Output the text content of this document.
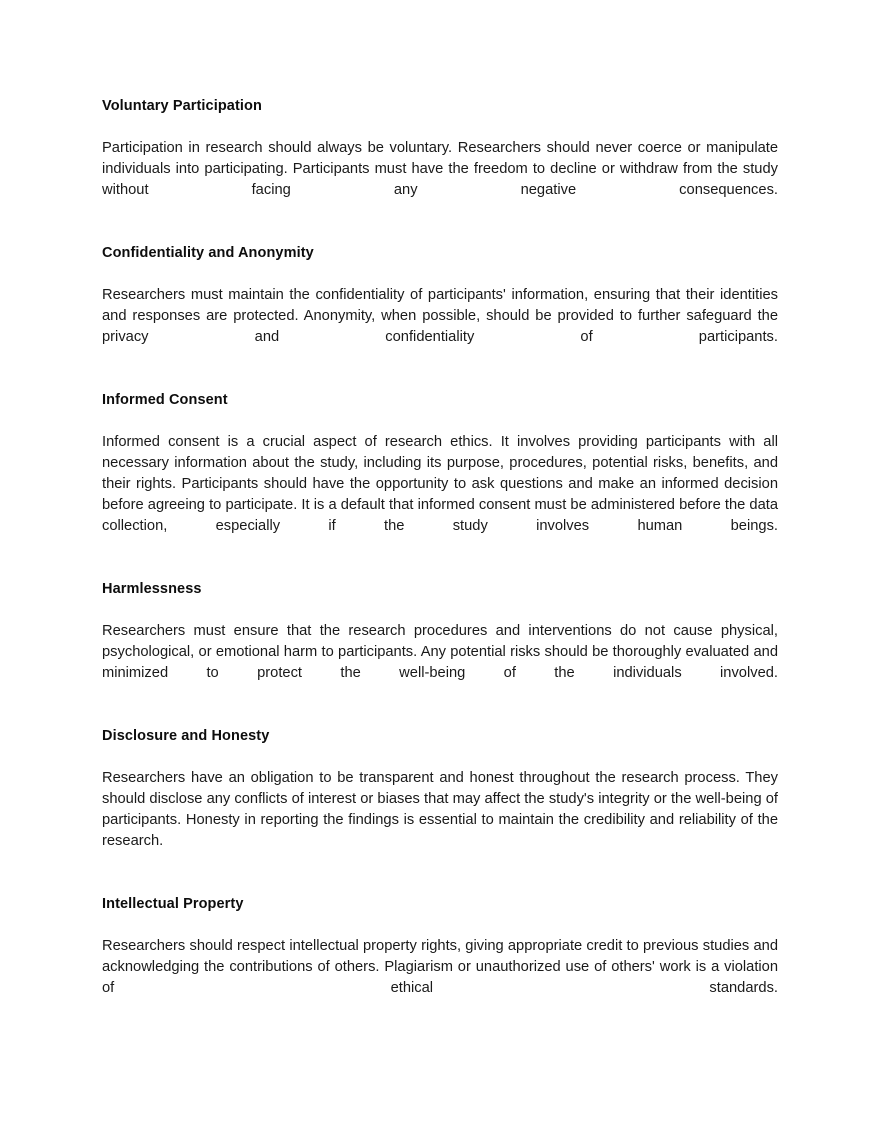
Voluntary Participation

Participation in research should always be voluntary. Researchers should never coerce or manipulate individuals into participating. Participants must have the freedom to decline or withdraw from the study without facing any negative consequences.

Confidentiality and Anonymity

Researchers must maintain the confidentiality of participants' information, ensuring that their identities and responses are protected. Anonymity, when possible, should be provided to further safeguard the privacy and confidentiality of participants.

Informed Consent

Informed consent is a crucial aspect of research ethics. It involves providing participants with all necessary information about the study, including its purpose, procedures, potential risks, benefits, and their rights. Participants should have the opportunity to ask questions and make an informed decision before agreeing to participate. It is a default that informed consent must be administered before the data collection, especially if the study involves human beings.

Harmlessness

Researchers must ensure that the research procedures and interventions do not cause physical, psychological, or emotional harm to participants. Any potential risks should be thoroughly evaluated and minimized to protect the well-being of the individuals involved.

Disclosure and Honesty

Researchers have an obligation to be transparent and honest throughout the research process. They should disclose any conflicts of interest or biases that may affect the study's integrity or the well-being of participants. Honesty in reporting the findings is essential to maintain the credibility and reliability of the research.

Intellectual Property

Researchers should respect intellectual property rights, giving appropriate credit to previous studies and acknowledging the contributions of others. Plagiarism or unauthorized use of others' work is a violation of ethical standards.
